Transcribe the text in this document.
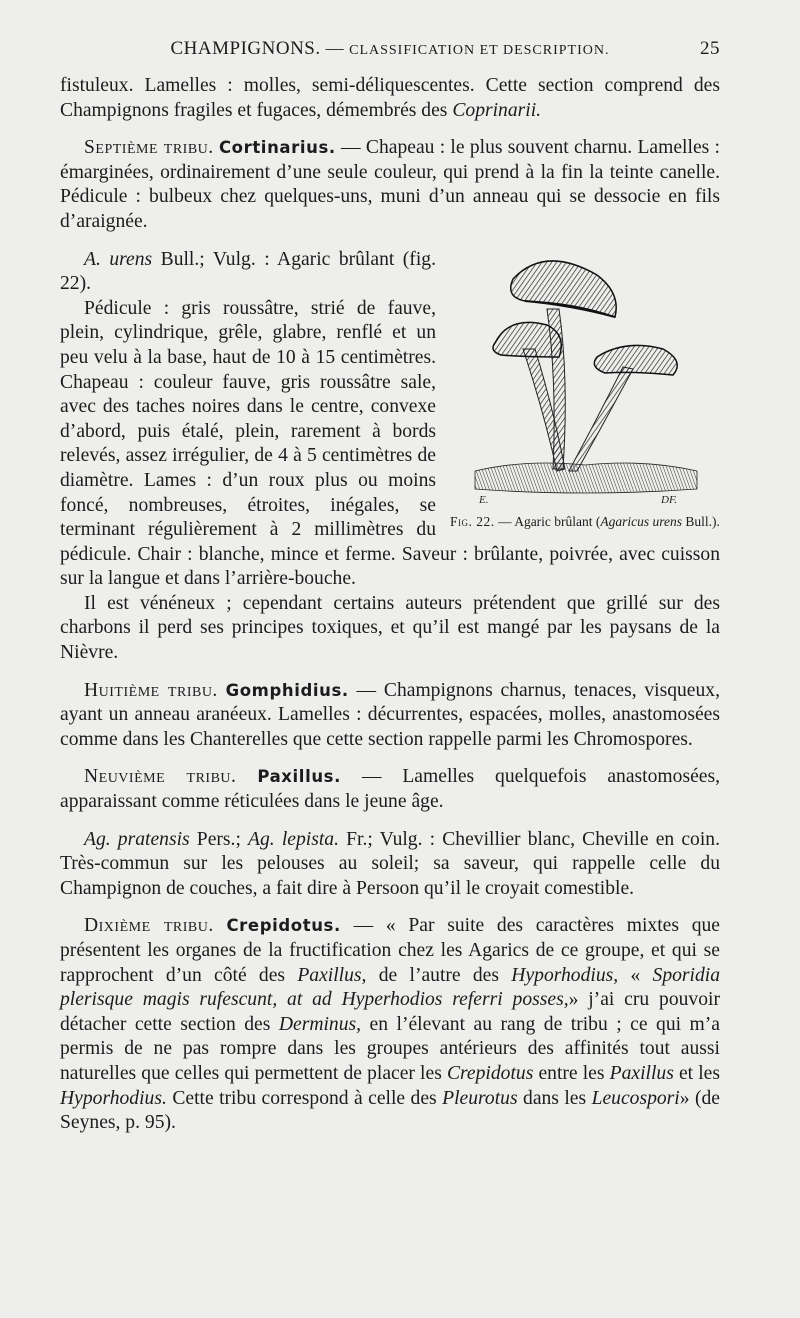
CHAMPIGNONS. — CLASSIFICATION ET DESCRIPTION.	25

fistuleux. Lamelles : molles, semi-déliquescentes. Cette section comprend des Champignons fragiles et fugaces, démembrés des Coprinarii.

Septième tribu. Cortinarius. — Chapeau : le plus souvent charnu. Lamelles : émarginées, ordinairement d’une seule couleur, qui prend à la fin la teinte canelle. Pédicule : bulbeux chez quelques-uns, muni d’un anneau qui se dessocie en fils d’araignée.

E.	DF.
Fig. 22. — Agaric brûlant (Agaricus urens Bull.).

A. urens Bull.; Vulg. : Agaric brûlant (fig. 22).

Pédicule : gris roussâtre, strié de fauve, plein, cylindrique, grêle, glabre, renflé et un peu velu à la base, haut de 10 à 15 centimètres. Chapeau : couleur fauve, gris roussâtre sale, avec des taches noires dans le centre, convexe d’abord, puis étalé, plein, rarement à bords relevés, assez irrégulier, de 4 à 5 centimètres de diamètre. Lames : d’un roux plus ou moins foncé, nombreuses, étroites, inégales, se terminant régulièrement à 2 millimètres du pédicule. Chair : blanche, mince et ferme. Saveur : brûlante, poivrée, avec cuisson sur la langue et dans l’arrière-bouche.

Il est vénéneux ; cependant certains auteurs prétendent que grillé sur des charbons il perd ses principes toxiques, et qu’il est mangé par les paysans de la Nièvre.

Huitième tribu. Gomphidius. — Champignons charnus, tenaces, visqueux, ayant un anneau aranéeux. Lamelles : décurrentes, espacées, molles, anastomosées comme dans les Chanterelles que cette section rappelle parmi les Chromospores.

Neuvième tribu. Paxillus. — Lamelles quelquefois anastomosées, apparaissant comme réticulées dans le jeune âge.

Ag. pratensis Pers.; Ag. lepista. Fr.; Vulg. : Chevillier blanc, Cheville en coin. Très-commun sur les pelouses au soleil; sa saveur, qui rappelle celle du Champignon de couches, a fait dire à Persoon qu’il le croyait comestible.

Dixième tribu. Crepidotus. — « Par suite des caractères mixtes que présentent les organes de la fructification chez les Agarics de ce groupe, et qui se rapprochent d’un côté des Paxillus, de l’autre des Hyporhodius, « Sporidia plerisque magis rufescunt, at ad Hyperhodios referri posses,» j’ai cru pouvoir détacher cette section des Derminus, en l’élevant au rang de tribu ; ce qui m’a permis de ne pas rompre dans les groupes antérieurs des affinités tout aussi naturelles que celles qui permettent de placer les Crepidotus entre les Paxillus et les Hyporhodius. Cette tribu correspond à celle des Pleurotus dans les Leucospori» (de Seynes, p. 95).
